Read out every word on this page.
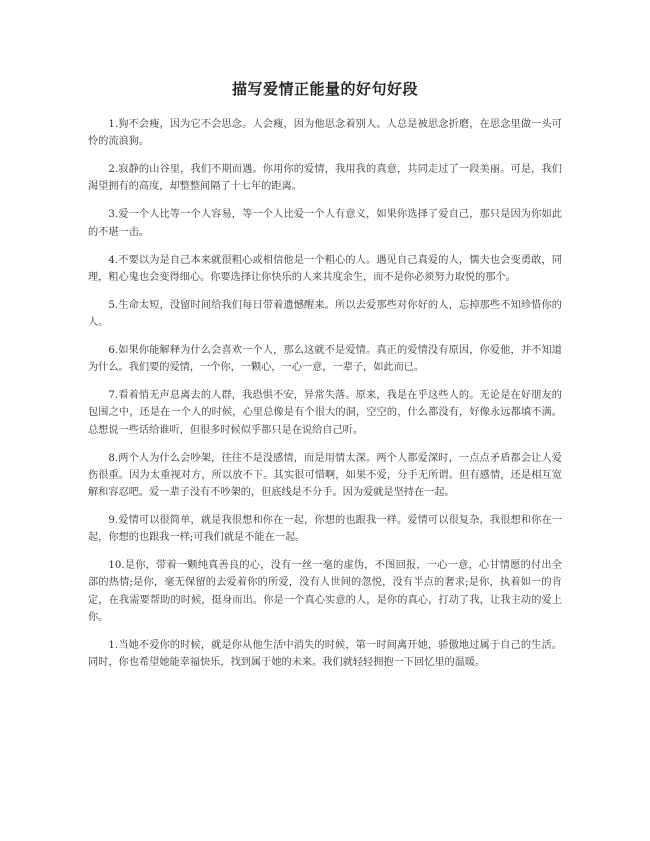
描写爱情正能量的好句好段
1.狗不会瘦，因为它不会思念。人会瘦，因为他思念着别人。人总是被思念折磨，在思念里做一头可怜的流浪狗。
2.寂静的山谷里，我们不期而遇。你用你的爱情，我用我的真意，共同走过了一段美丽。可是，我们渴望拥有的高度，却整整间隔了十七年的距离。
3.爱一个人比等一个人容易，等一个人比爱一个人有意义，如果你选择了爱自己，那只是因为你如此的不堪一击。
4.不要以为是自己本来就很粗心或相信他是一个粗心的人。遇见自己真爱的人，懦夫也会变勇敢，同理，粗心鬼也会变得细心。你要选择让你快乐的人来共度余生，而不是你必须努力取悦的那个。
5.生命太短，没留时间给我们每日带着遗憾醒来。所以去爱那些对你好的人，忘掉那些不知珍惜你的人。
6.如果你能解释为什么会喜欢一个人，那么这就不是爱情。真正的爱情没有原因，你爱他，并不知道为什么。我们要的爱情，一个你，一颗心，一心一意，一辈子，如此而已。
7.看着悄无声息离去的人群，我恐惧不安，异常失落。原来，我是在乎这些人的。无论是在好朋友的包围之中，还是在一个人的时候，心里总像是有个很大的洞，空空的，什么都没有，好像永远都填不满。总想说一些话给谁听，但很多时候似乎都只是在说给自己听。
8.两个人为什么会吵架，往往不是没感情，而是用情太深。两个人都爱深时，一点点矛盾都会让人爱伤很重。因为太重视对方，所以放不下。其实很可惜啊，如果不爱，分手无所谓。但有感情，还是相互宽解和容忍吧。爱一辈子没有不吵架的，但底线是不分手。因为爱就是坚持在一起。
9.爱情可以很简单，就是我很想和你在一起，你想的也跟我一样。爱情可以很复杂，我很想和你在一起，你想的也跟我一样;可我们就是不能在一起。
10.是你，带着一颗纯真善良的心，没有一丝一毫的虚伪，不图回报，一心一意，心甘情愿的付出全部的热情;是你，毫无保留的去爱着你的所爱，没有人世间的忽悦，没有半点的奢求;是你，执着如一的肯定，在我需要帮助的时候，挺身而出。你是一个真心实意的人，是你的真心，打动了我，让我主动的爱上你。
1.当她不爱你的时候，就是你从他生活中消失的时候，第一时间离开她，骄傲地过属于自己的生活。同时，你也希望她能幸福快乐，找到属于她的未来。我们就轻轻拥抱一下回忆里的温暖。
